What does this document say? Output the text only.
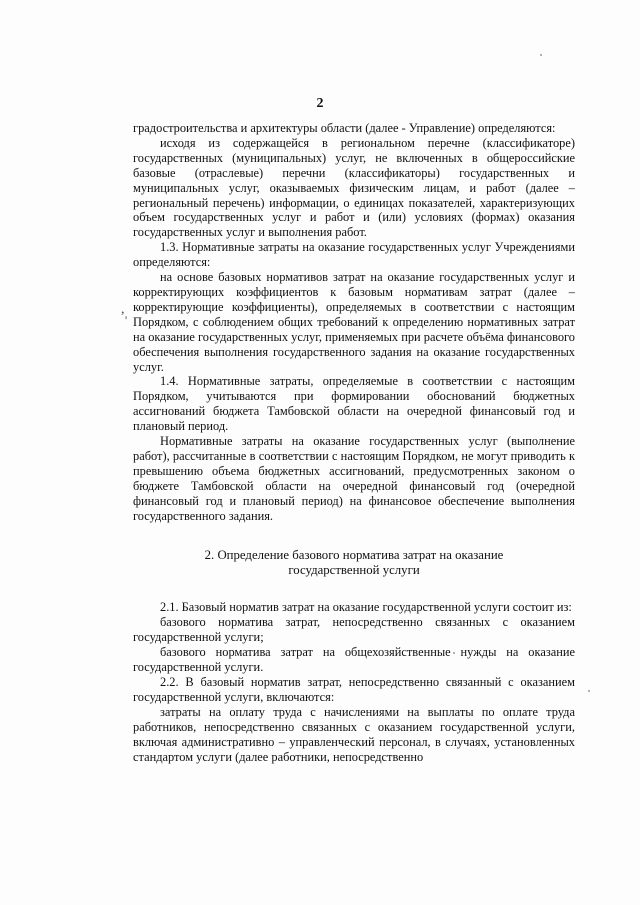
2
,
'

градостроительства и архитектуры области (далее - Управление) определяются:

исходя из содержащейся в региональном перечне (классификаторе) государственных (муниципальных) услуг, не включенных в общероссийские базовые (отраслевые) перечни (классификаторы) государственных и муниципальных услуг, оказываемых физическим лицам, и работ (далее – региональный перечень) информации, о единицах показателей, характеризующих объем государственных услуг и работ и (или) условиях (формах) оказания государственных услуг и выполнения работ.

1.3. Нормативные затраты на оказание государственных услуг Учреждениями определяются:

на основе базовых нормативов затрат на оказание государственных услуг и корректирующих коэффициентов к базовым нормативам затрат (далее – корректирующие коэффициенты), определяемых в соответствии с настоящим Порядком, с соблюдением общих требований к определению нормативных затрат на оказание государственных услуг, применяемых при расчете объёма финансового обеспечения выполнения государственного задания на оказание государственных услуг.

1.4. Нормативные затраты, определяемые в соответствии с настоящим Порядком, учитываются при формировании обоснований бюджетных ассигнований бюджета Тамбовской области на очередной финансовый год и плановый период.

Нормативные затраты на оказание государственных услуг (выполнение работ), рассчитанные в соответствии с настоящим Порядком, не могут приводить к превышению объема бюджетных ассигнований, предусмотренных законом о бюджете Тамбовской области на очередной финансовый год (очередной финансовый год и плановый период) на финансовое обеспечение выполнения государственного задания.

2. Определение базового норматива затрат на оказание
государственной услуги

2.1. Базовый норматив затрат на оказание государственной услуги состоит из:

базового норматива затрат, непосредственно связанных с оказанием государственной услуги;

базового норматива затрат на общехозяйственные нужды на оказание государственной услуги.

2.2. В базовый норматив затрат, непосредственно связанный с оказанием государственной услуги, включаются:

затраты на оплату труда с начислениями на выплаты по оплате труда работников, непосредственно связанных с оказанием государственной услуги, включая административно – управленческий персонал, в случаях, установленных стандартом услуги (далее работники, непосредственно
